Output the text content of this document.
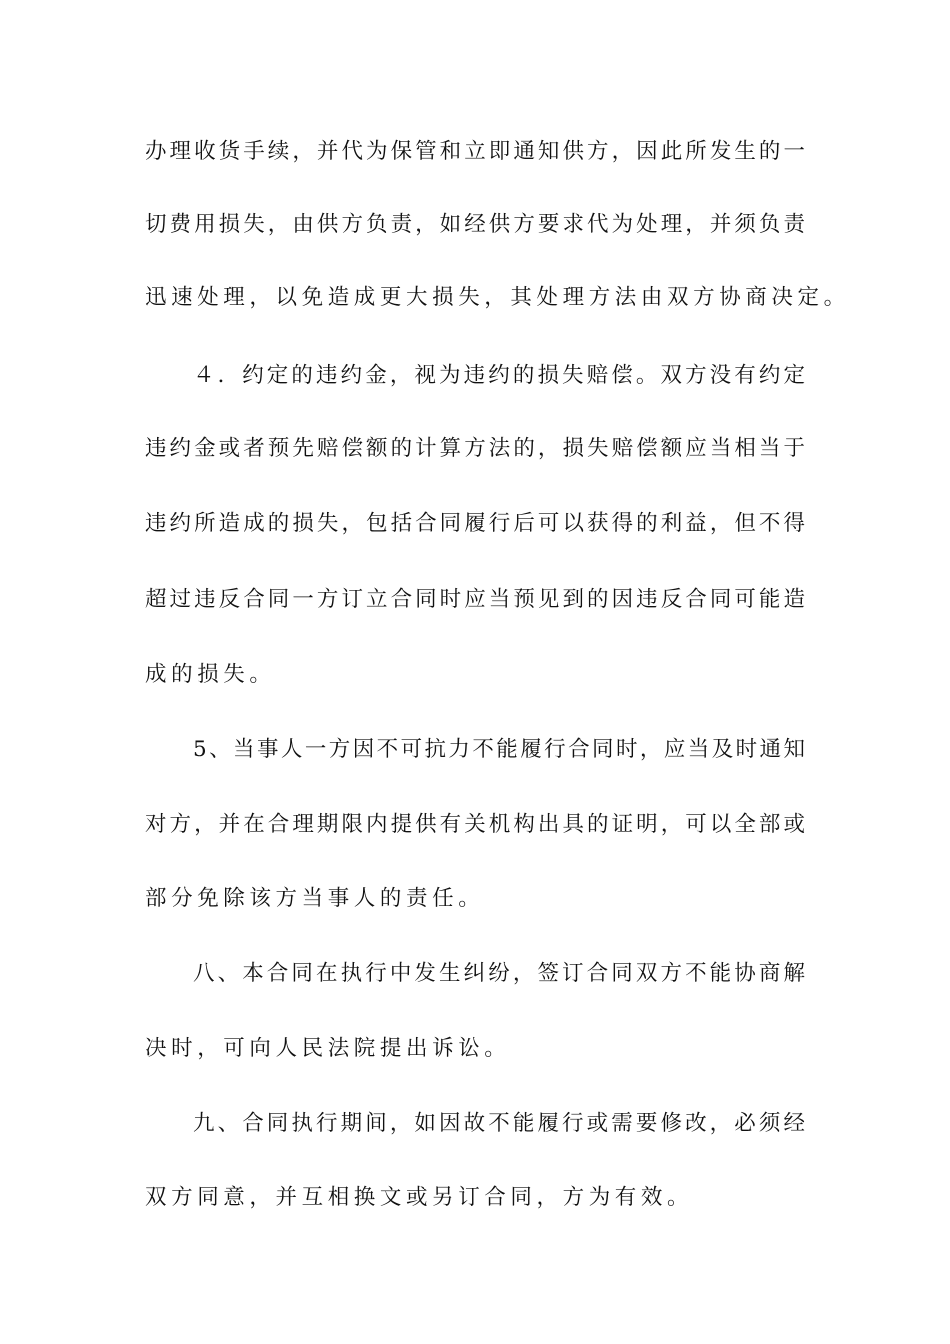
办理收货手续，并代为保管和立即通知供方，因此所发生的一
切费用损失，由供方负责，如经供方要求代为处理，并须负责
迅速处理，以免造成更大损失，其处理方法由双方协商决定。
４．约定的违约金，视为违约的损失赔偿。双方没有约定
违约金或者预先赔偿额的计算方法的，损失赔偿额应当相当于
违约所造成的损失，包括合同履行后可以获得的利益，但不得
超过违反合同一方订立合同时应当预见到的因违反合同可能造
成的损失。
5、当事人一方因不可抗力不能履行合同时，应当及时通知
对方，并在合理期限内提供有关机构出具的证明，可以全部或
部分免除该方当事人的责任。
八、本合同在执行中发生纠纷，签订合同双方不能协商解
决时，可向人民法院提出诉讼。
九、合同执行期间，如因故不能履行或需要修改，必须经
双方同意，并互相换文或另订合同，方为有效。
